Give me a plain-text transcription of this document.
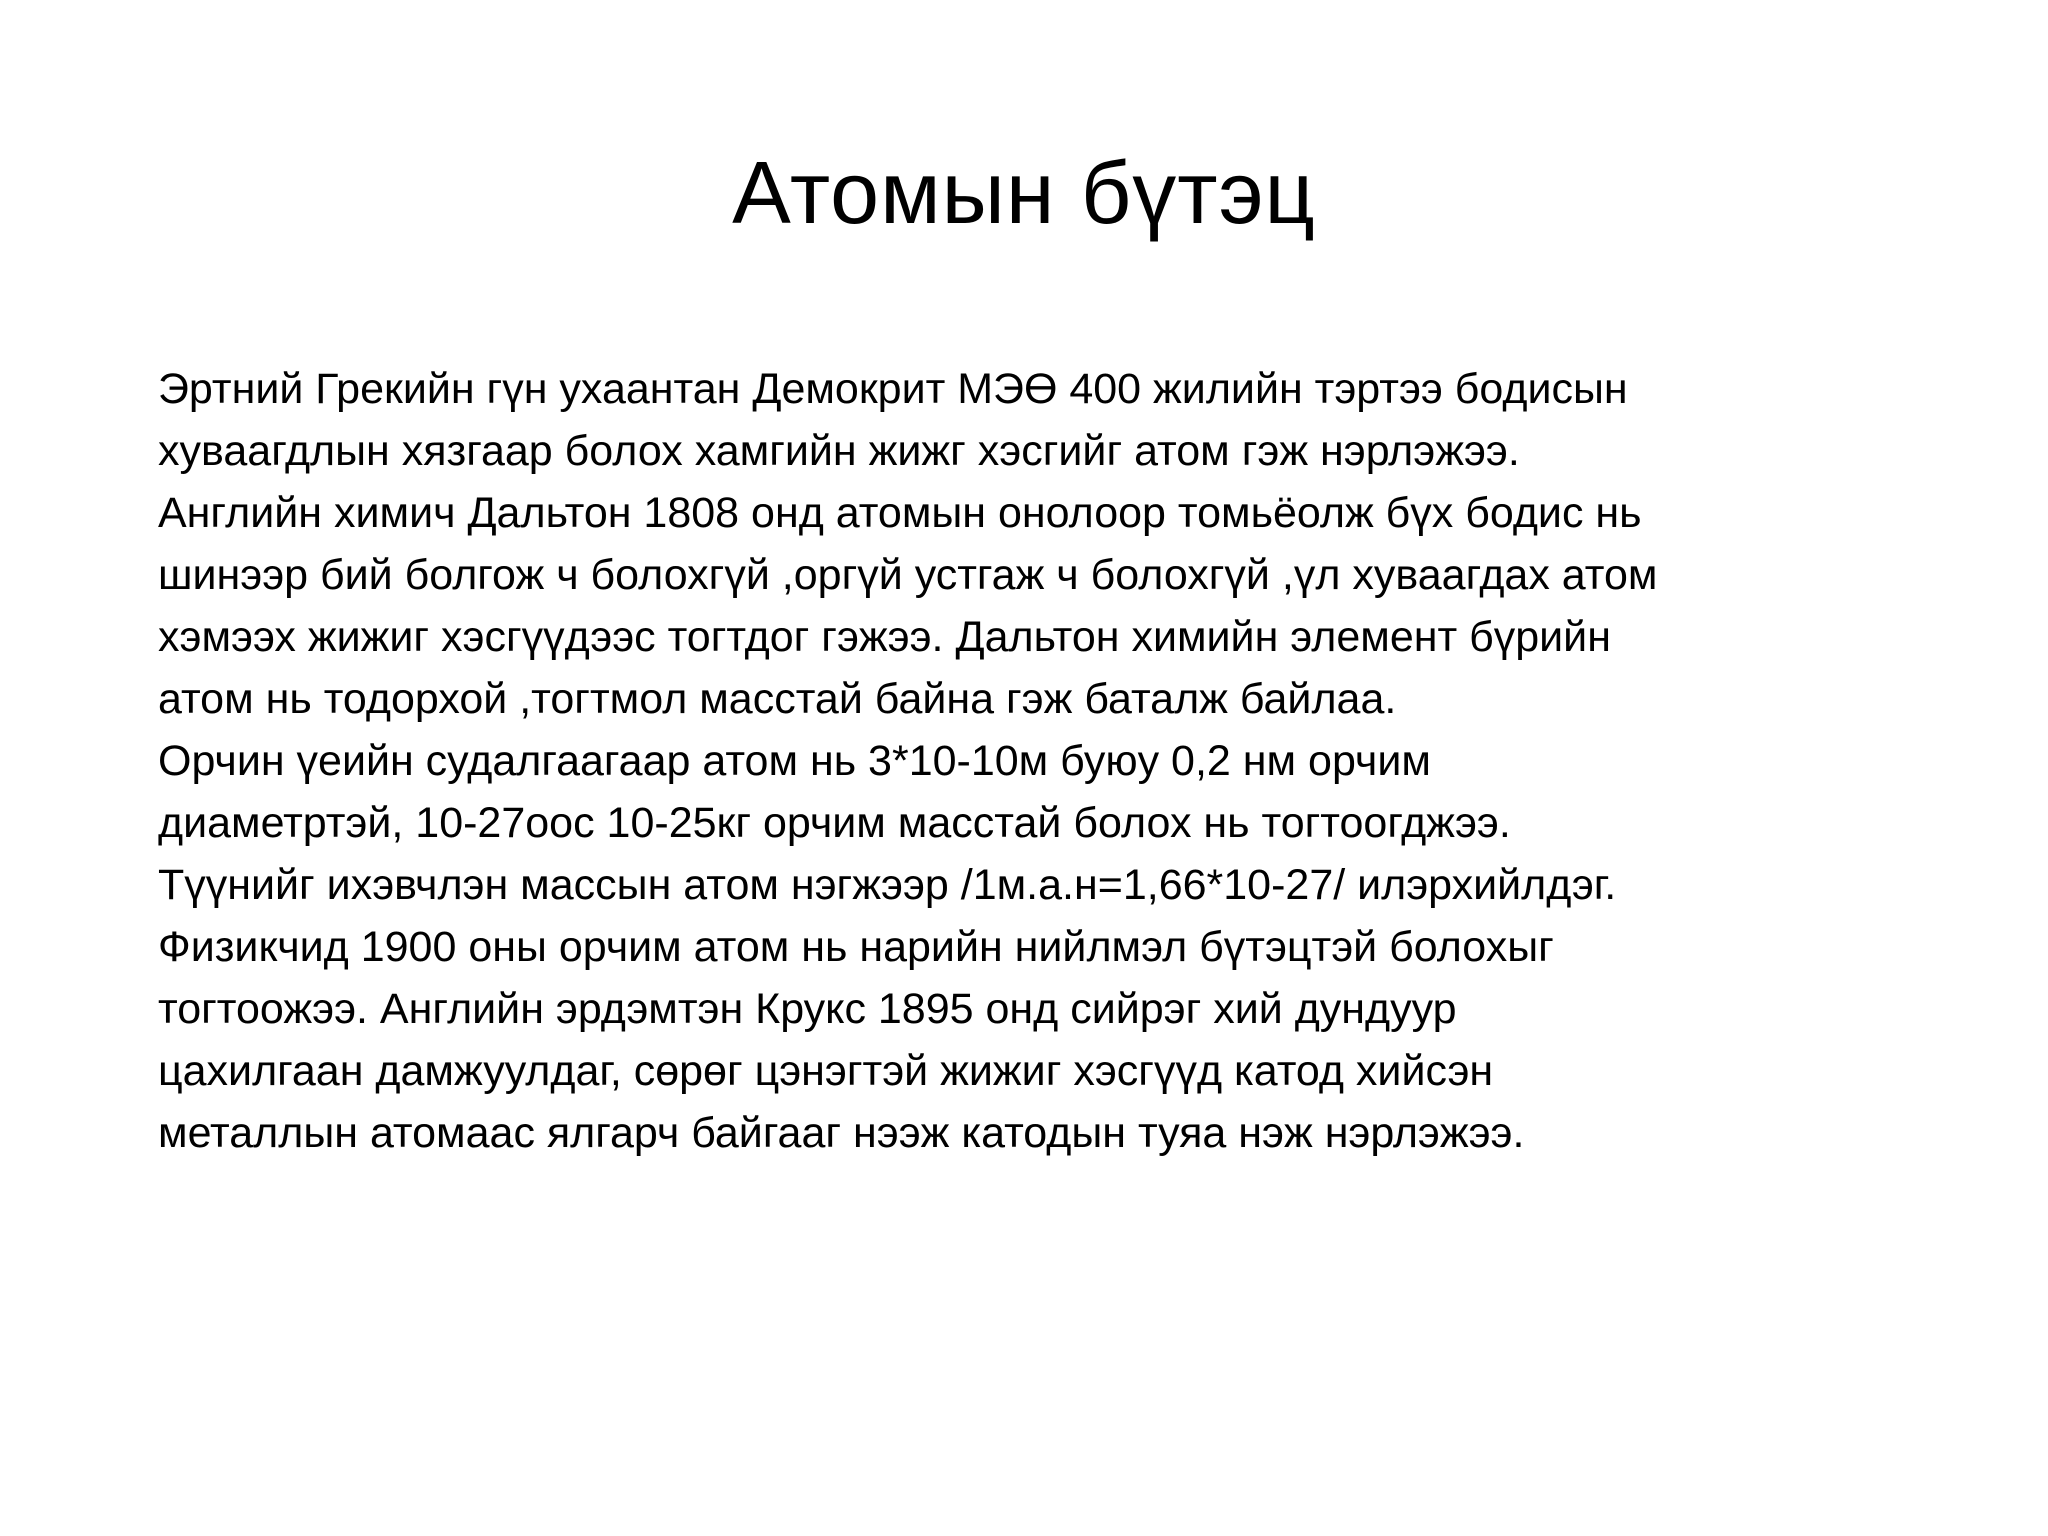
Атомын бүтэц
Эртний Грекийн гүн ухаантан Демокрит МЭӨ 400 жилийн тэртээ бодисын
хуваагдлын хязгаар болох хамгийн жижг хэсгийг атом гэж нэрлэжээ.
Английн химич Дальтон 1808 онд атомын онолоор томьёолж бүх бодис нь
шинээр бий болгож ч болохгүй ,оргүй устгаж ч болохгүй ,үл хуваагдах атом
хэмээх жижиг хэсгүүдээс тогтдог гэжээ. Дальтон химийн элемент бүрийн
атом нь тодорхой ,тогтмол масстай байна гэж баталж байлаа.
Орчин үеийн судалгаагаар атом нь 3*10-10м буюу 0,2 нм орчим
диаметртэй, 10-27оос 10-25кг орчим масстай болох нь тогтоогджээ.
Түүнийг ихэвчлэн массын атом нэгжээр /1м.а.н=1,66*10-27/ илэрхийлдэг.
Физикчид 1900 оны орчим атом нь нарийн нийлмэл бүтэцтэй болохыг
тогтоожээ. Английн эрдэмтэн Крукс 1895 онд сийрэг хий дундуур
цахилгаан дамжуулдаг, сөрөг цэнэгтэй жижиг хэсгүүд катод хийсэн
металлын атомаас ялгарч байгааг нээж катодын туяа нэж нэрлэжээ.
